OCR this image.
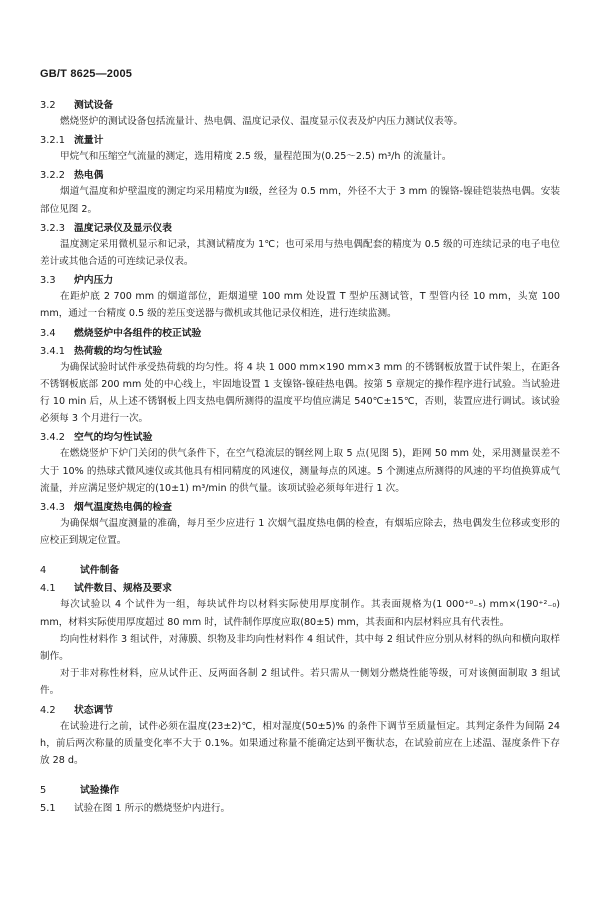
GB/T 8625—2005
3.2 测试设备

燃烧竖炉的测试设备包括流量计、热电偶、温度记录仪、温度显示仪表及炉内压力测试仪表等。

3.2.1 流量计

甲烷气和压缩空气流量的测定，选用精度 2.5 级，量程范围为(0.25～2.5) m³/h 的流量计。

3.2.2 热电偶

烟道气温度和炉壁温度的测定均采用精度为Ⅱ级，丝径为 0.5 mm，外径不大于 3 mm 的镍铬-镍硅铠装热电偶。安装部位见图 2。

3.2.3 温度记录仪及显示仪表

温度测定采用微机显示和记录，其测试精度为 1℃；也可采用与热电偶配套的精度为 0.5 级的可连续记录的电子电位差计或其他合适的可连续记录仪表。

3.3 炉内压力

在距炉底 2 700 mm 的烟道部位，距烟道壁 100 mm 处设置 T 型炉压测试管，T 型管内径 10 mm，头宽 100 mm，通过一台精度 0.5 级的差压变送器与微机或其他记录仪相连，进行连续监测。

3.4 燃烧竖炉中各组件的校正试验
3.4.1 热荷载的均匀性试验

为确保试验时试件承受热荷载的均匀性。将 4 块 1 000 mm×190 mm×3 mm 的不锈钢板放置于试件架上，在距各不锈钢板底部 200 mm 处的中心线上，牢固地设置 1 支镍铬-镍硅热电偶。按第 5 章规定的操作程序进行试验。当试验进行 10 min 后，从上述不锈钢板上四支热电偶所测得的温度平均值应满足 540℃±15℃，否则，装置应进行调试。该试验必须每 3 个月进行一次。

3.4.2 空气的均匀性试验

在燃烧竖炉下炉门关闭的供气条件下，在空气稳流层的钢丝网上取 5 点(见图 5)，距网 50 mm 处，采用测量误差不大于 10% 的热球式微风速仪或其他具有相同精度的风速仪，测量每点的风速。5 个测速点所测得的风速的平均值换算成气流量，并应满足竖炉规定的(10±1) m³/min 的供气量。该项试验必须每年进行 1 次。

3.4.3 烟气温度热电偶的检查

为确保烟气温度测量的准确，每月至少应进行 1 次烟气温度热电偶的检查，有烟垢应除去，热电偶发生位移或变形的应校正到规定位置。

4	试件制备
4.1 试件数目、规格及要求

每次试验以 4 个试件为一组，每块试件均以材料实际使用厚度制作。其表面规格为(1 000⁺⁰₋₅) mm×(190⁺²₋₀) mm，材料实际使用厚度超过 80 mm 时，试件制作厚度应取(80±5) mm，其表面和内层材料应具有代表性。

均向性材料作 3 组试件，对薄膜、织物及非均向性材料作 4 组试件，其中每 2 组试件应分别从材料的纵向和横向取样制作。

对于非对称性材料，应从试件正、反两面各制 2 组试件。若只需从一侧划分燃烧性能等级，可对该侧面制取 3 组试件。

4.2 状态调节

在试验进行之前，试件必须在温度(23±2)℃，相对湿度(50±5)% 的条件下调节至质量恒定。其判定条件为间隔 24 h，前后两次称量的质量变化率不大于 0.1%。如果通过称量不能确定达到平衡状态，在试验前应在上述温、湿度条件下存放 28 d。

5	试验操作
5.1 试验在图 1 所示的燃烧竖炉内进行。
